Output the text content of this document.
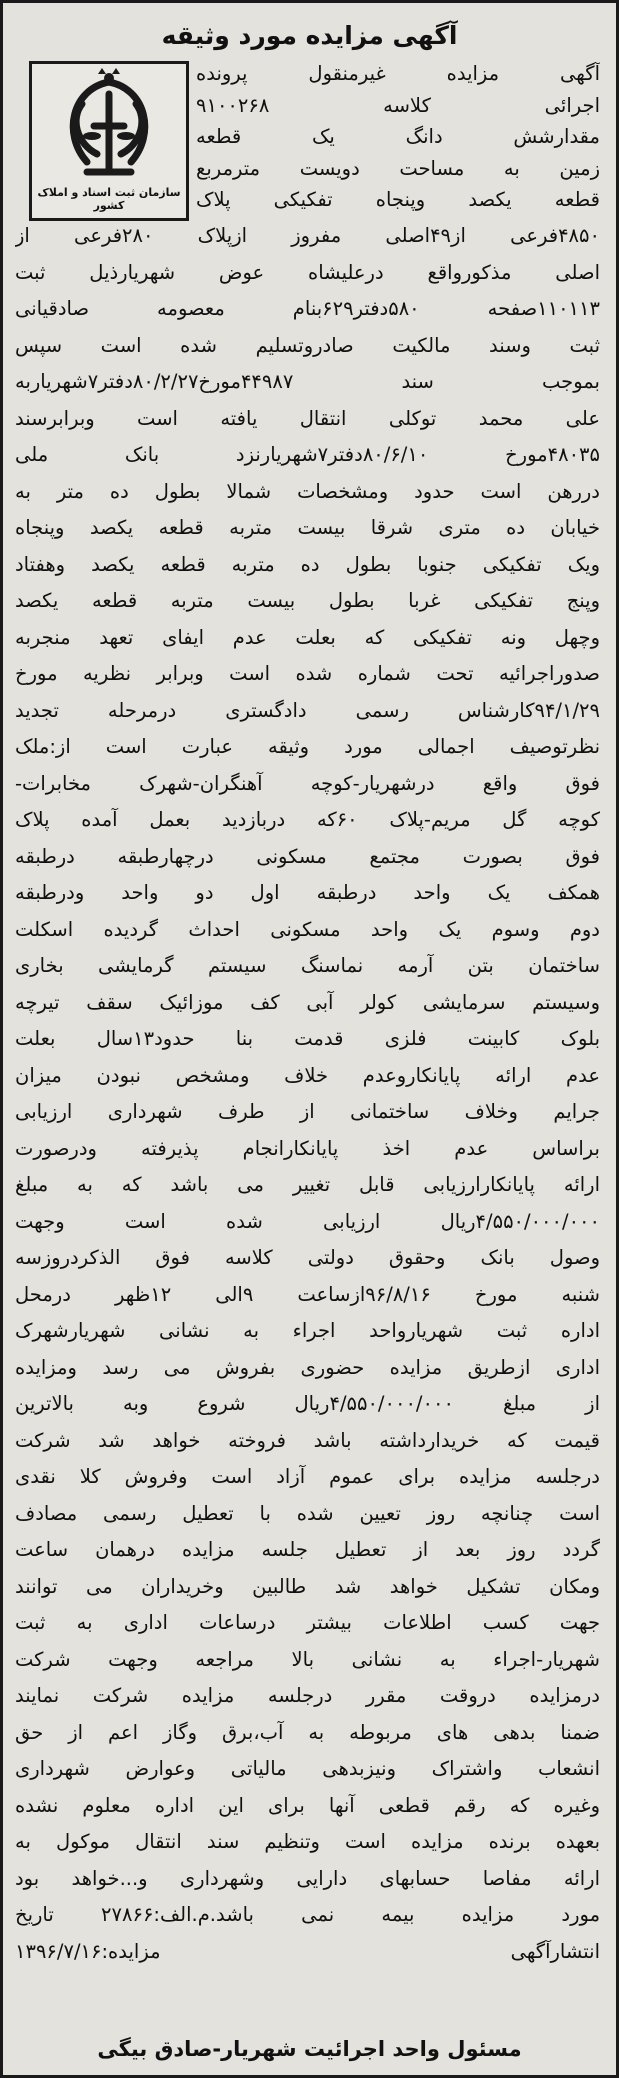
آگهی مزایده مورد وثیقه
سازمان ثبت اسناد و املاک کشور
آگهی مزایده غیرمنقول پرونده
اجرائی کلاسه ۹۱۰۰۲۶۸
مقدارشش دانگ یک قطعه
زمین به مساحت دویست مترمربع
قطعه یکصد وپنجاه تفکیکی پلاک
۴۸۵۰فرعی از۴۹اصلی مفروز ازپلاک ۲۸۰فرعی از
اصلی مذکورواقع درعلیشاه عوض شهریارذیل ثبت
۱۱۰۱۱۳صفحه ۵۸۰دفتر۶۲۹بنام معصومه صادقیانی
ثبت وسند مالکیت صادروتسلیم شده است سپس
بموجب سند ۴۴۹۸۷مورخ۸۰/۲/۲۷دفتر۷شهریاربه
علی محمد توکلی انتقال یافته است وبرابرسند
۴۸۰۳۵مورخ ۸۰/۶/۱۰دفتر۷شهریارنزد بانک ملی
دررهن است حدود ومشخصات شمالا بطول ده متر به
خیابان ده متری شرقا بیست متربه قطعه یکصد وپنجاه
ویک تفکیکی جنوبا بطول ده متربه قطعه یکصد وهفتاد
وپنج تفکیکی غربا بطول بیست متربه قطعه یکصد
وچهل ونه تفکیکی که بعلت عدم ایفای تعهد منجربه
صدوراجرائیه تحت شماره شده است وبرابر نظریه مورخ
۹۴/۱/۲۹کارشناس رسمی دادگستری درمرحله تجدید
نظرتوصیف اجمالی مورد وثیقه عبارت است از:ملک
فوق واقع درشهریار-کوچه آهنگران-شهرک مخابرات-
کوچه گل مریم-پلاک ۶۰که دربازدید بعمل آمده پلاک
فوق بصورت مجتمع مسکونی درچهارطبقه درطبقه
همکف یک واحد درطبقه اول دو واحد ودرطبقه
دوم وسوم یک واحد مسکونی احداث گردیده اسکلت
ساختمان بتن آرمه نماسنگ سیستم گرمایشی بخاری
وسیستم سرمایشی کولر آبی کف موزائیک سقف تیرچه
بلوک کابینت فلزی قدمت بنا حدود۱۳سال بعلت
عدم ارائه پایانکاروعدم خلاف ومشخص نبودن میزان
جرایم وخلاف ساختمانی از طرف شهرداری ارزیابی
براساس عدم اخذ پایانکارانجام پذیرفته ودرصورت
ارائه پایانکارارزیابی قابل تغییر می باشد که به مبلغ
۴/۵۵۰/۰۰۰/۰۰۰ریال ارزیابی شده است وجهت
وصول بانک وحقوق دولتی کلاسه فوق الذکردروزسه
شنبه مورخ ۹۶/۸/۱۶ازساعت ۹الی ۱۲ظهر درمحل
اداره ثبت شهریارواحد اجراء به نشانی شهریارشهرک
اداری ازطریق مزایده حضوری بفروش می رسد ومزایده
از مبلغ ۴/۵۵۰/۰۰۰/۰۰۰ریال شروع وبه بالاترین
قیمت که خریدارداشته باشد فروخته خواهد شد شرکت
درجلسه مزایده برای عموم آزاد است وفروش کلا نقدی
است چنانچه روز تعیین شده با تعطیل رسمی مصادف
گردد روز بعد از تعطیل جلسه مزایده درهمان ساعت
ومکان تشکیل خواهد شد طالبین وخریداران می توانند
جهت کسب اطلاعات بیشتر درساعات اداری به ثبت
شهریار-اجراء به نشانی بالا مراجعه وجهت شرکت
درمزایده دروقت مقرر درجلسه مزایده شرکت نمایند
ضمنا بدهی های مربوطه به آب،برق وگاز اعم از حق
انشعاب واشتراک ونیزبدهی مالیاتی وعوارض شهرداری
وغیره که رقم قطعی آنها برای این اداره معلوم نشده
بعهده برنده مزایده است وتنظیم سند انتقال موکول به
ارائه مفاصا حسابهای دارایی وشهرداری و...خواهد بود
مورد مزایده بیمه نمی باشد.م.الف:۲۷۸۶۶ تاریخ
انتشارآگهی مزایده:۱۳۹۶/۷/۱۶
مسئول واحد اجرائیت شهریار-صادق بیگی
